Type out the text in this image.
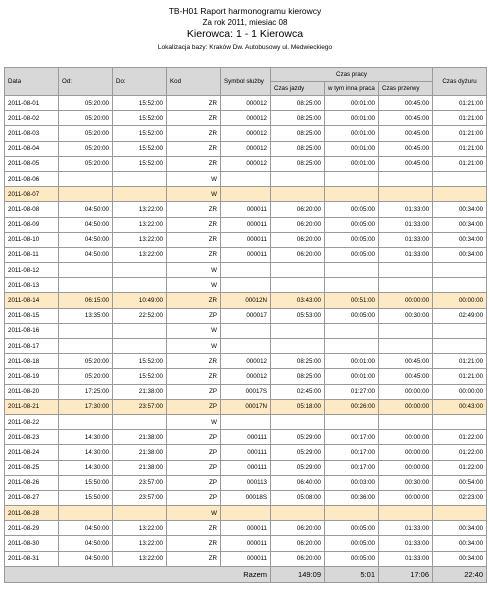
TB-H01 Raport harmonogramu kierowcy
Za rok 2011, miesiac 08
Kierowca: 1 - 1 Kierowca
Lokalizacja bazy: Kraków Dw. Autobusowy ul. Medwieckiego
Data	Od:	Do:	Kod	Symbol służby	Czas pracy			Czas dyżuru
					Czas jazdy	w tym inna praca	Czas przerwy	
2011-08-01	05:20:00	15:52:00	ZR	000012	08:25:00	00:01:00	00:45:00	01:21:00
2011-08-02	05:20:00	15:52:00	ZR	000012	08:25:00	00:01:00	00:45:00	01:21:00
2011-08-03	05:20:00	15:52:00	ZR	000012	08:25:00	00:01:00	00:45:00	01:21:00
2011-08-04	05:20:00	15:52:00	ZR	000012	08:25:00	00:01:00	00:45:00	01:21:00
2011-08-05	05:20:00	15:52:00	ZR	000012	08:25:00	00:01:00	00:45:00	01:21:00
2011-08-06			W					
2011-08-07			W					
2011-08-08	04:50:00	13:22:00	ZR	000011	06:20:00	00:05:00	01:33:00	00:34:00
2011-08-09	04:50:00	13:22:00	ZR	000011	06:20:00	00:05:00	01:33:00	00:34:00
2011-08-10	04:50:00	13:22:00	ZR	000011	06:20:00	00:05:00	01:33:00	00:34:00
2011-08-11	04:50:00	13:22:00	ZR	000011	06:20:00	00:05:00	01:33:00	00:34:00
2011-08-12			W					
2011-08-13			W					
2011-08-14	06:15:00	10:49:00	ZR	00012N	03:43:00	00:51:00	00:00:00	00:00:00
2011-08-15	13:35:00	22:52:00	ZP	000017	05:53:00	00:05:00	00:30:00	02:49:00
2011-08-16			W					
2011-08-17			W					
2011-08-18	05:20:00	15:52:00	ZR	000012	08:25:00	00:01:00	00:45:00	01:21:00
2011-08-19	05:20:00	15:52:00	ZR	000012	08:25:00	00:01:00	00:45:00	01:21:00
2011-08-20	17:25:00	21:38:00	ZP	00017S	02:45:00	01:27:00	00:00:00	00:00:00
2011-08-21	17:30:00	23:57:00	ZP	00017N	05:18:00	00:26:00	00:00:00	00:43:00
2011-08-22			W					
2011-08-23	14:30:00	21:38:00	ZP	000111	05:29:00	00:17:00	00:00:00	01:22:00
2011-08-24	14:30:00	21:38:00	ZP	000111	05:29:00	00:17:00	00:00:00	01:22:00
2011-08-25	14:30:00	21:38:00	ZP	000111	05:29:00	00:17:00	00:00:00	01:22:00
2011-08-26	15:50:00	23:57:00	ZP	000113	06:40:00	00:03:00	00:30:00	00:54:00
2011-08-27	15:50:00	23:57:00	ZP	00018S	05:08:00	00:36:00	00:00:00	02:23:00
2011-08-28			W					
2011-08-29	04:50:00	13:22:00	ZR	000011	06:20:00	00:05:00	01:33:00	00:34:00
2011-08-30	04:50:00	13:22:00	ZR	000011	06:20:00	00:05:00	01:33:00	00:34:00
2011-08-31	04:50:00	13:22:00	ZR	000011	06:20:00	00:05:00	01:33:00	00:34:00
Razem					149:09	5:01	17:06	22:40
